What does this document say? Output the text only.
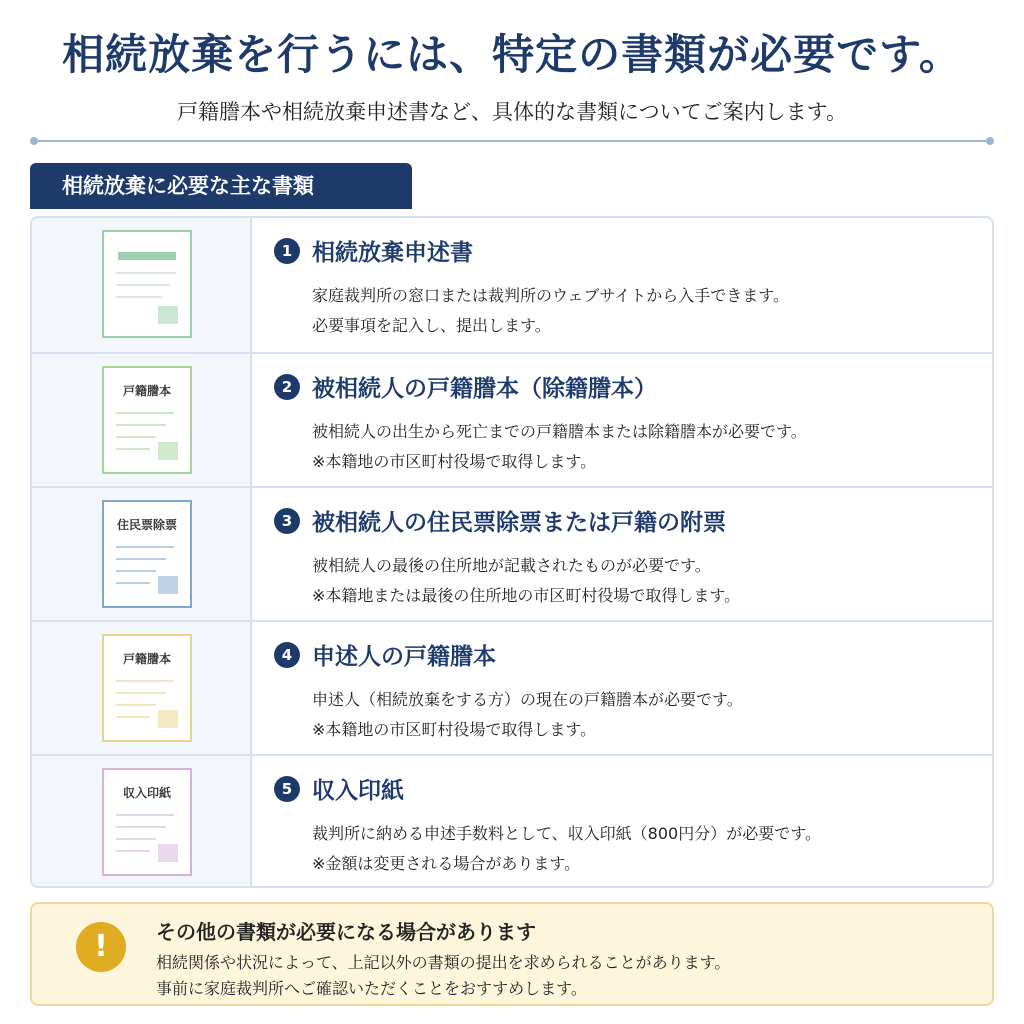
相続放棄を行うには、特定の書類が必要です。
戸籍謄本や相続放棄申述書など、具体的な書類についてご案内します。
相続放棄に必要な主な書類
1 相続放棄申述書
家庭裁判所の窓口または裁判所のウェブサイトから入手できます。
必要事項を記入し、提出します。
戸籍謄本	2 被相続人の戸籍謄本（除籍謄本）
被相続人の出生から死亡までの戸籍謄本または除籍謄本が必要です。
※本籍地の市区町村役場で取得します。
住民票除票	3 被相続人の住民票除票または戸籍の附票
被相続人の最後の住所地が記載されたものが必要です。
※本籍地または最後の住所地の市区町村役場で取得します。
戸籍謄本	4 申述人の戸籍謄本
申述人（相続放棄をする方）の現在の戸籍謄本が必要です。
※本籍地の市区町村役場で取得します。
収入印紙	5 収入印紙
裁判所に納める申述手数料として、収入印紙（800円分）が必要です。
※金額は変更される場合があります。
!	その他の書類が必要になる場合があります
相続関係や状況によって、上記以外の書類の提出を求められることがあります。
事前に家庭裁判所へご確認いただくことをおすすめします。
